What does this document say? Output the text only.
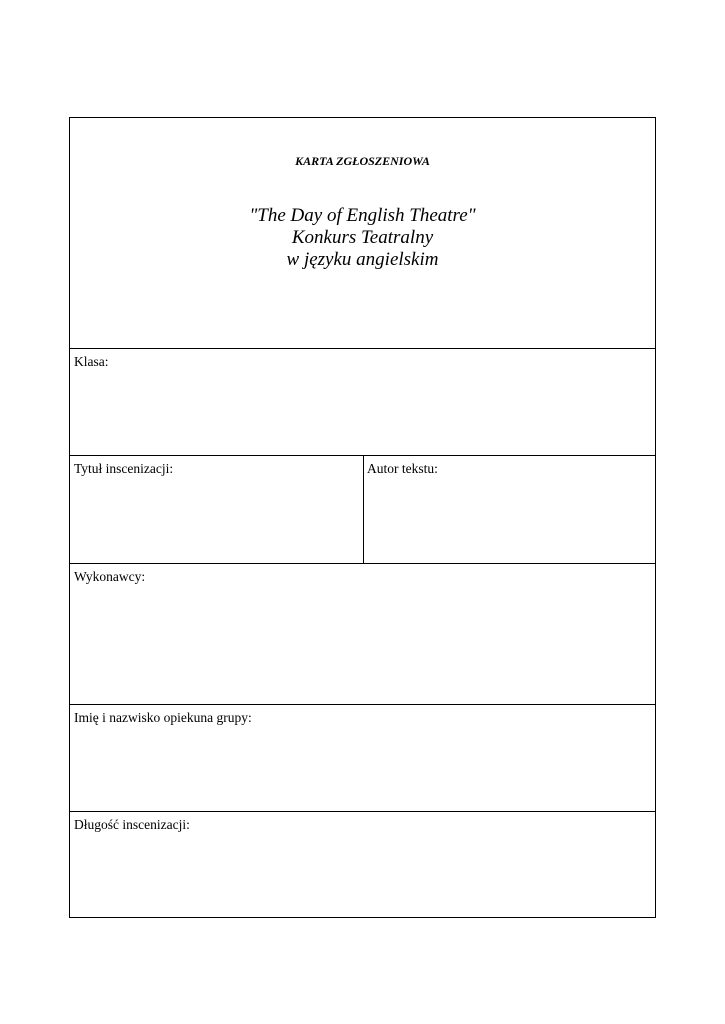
KARTA ZGŁOSZENIOWA
"The Day of English Theatre"
Konkurs Teatralny
w języku angielskim
Klasa:
Tytuł inscenizacji:	Autor tekstu:
Wykonawcy:
Imię i nazwisko opiekuna grupy:
Długość inscenizacji:
